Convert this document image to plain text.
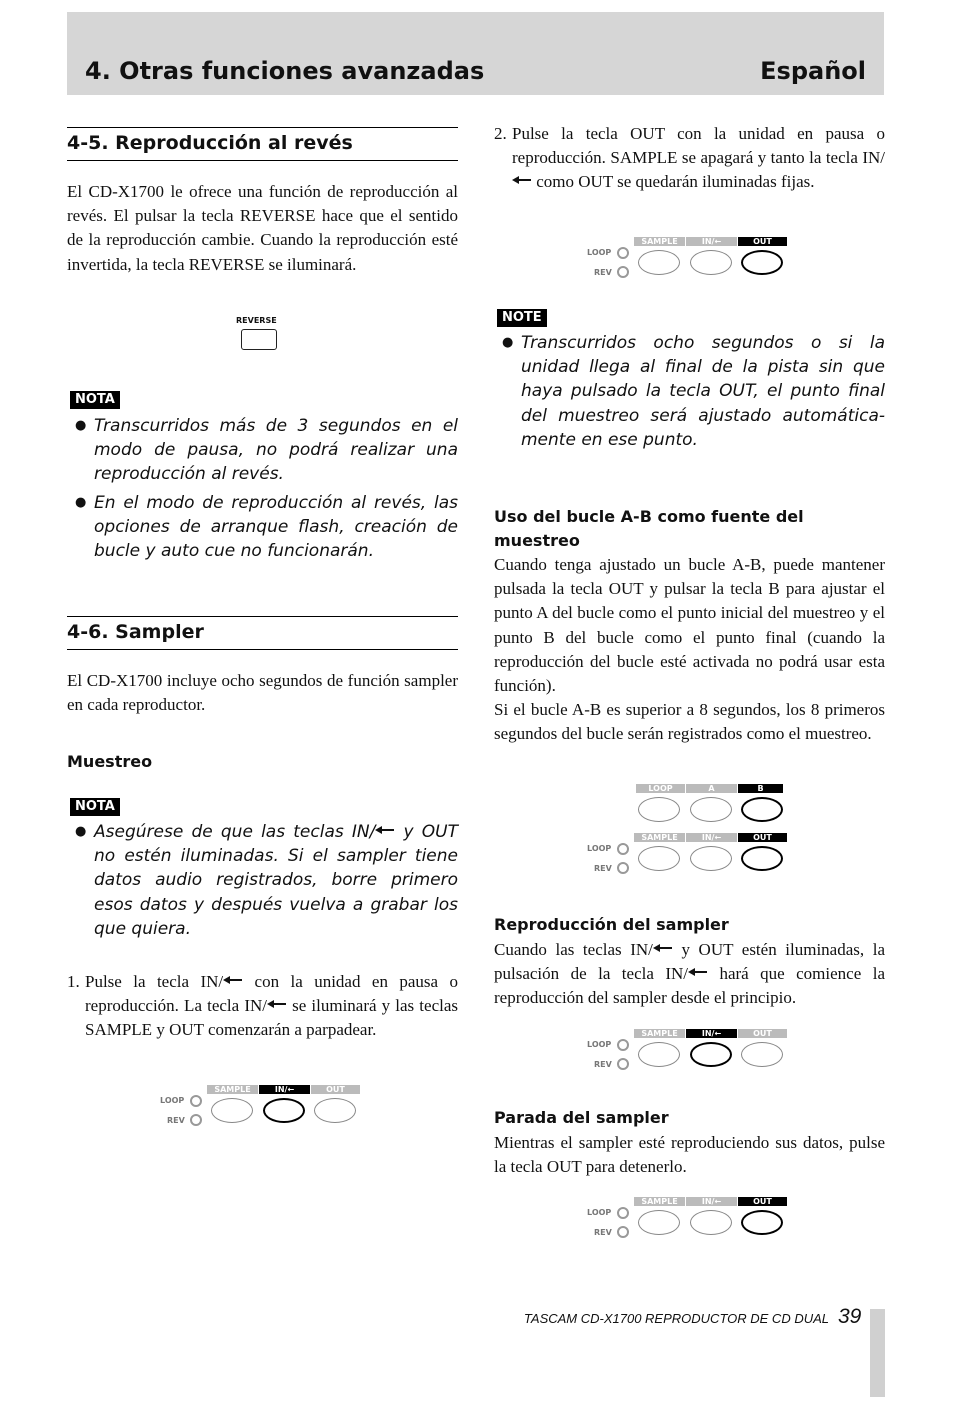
4. Otras funciones avanzadas	Español
4-5. Reproducción al revés
El CD-X1700 le ofrece una función de reproducción al revés. El pulsar la tecla REVERSE hace que el sentido de la reproducción cambie. Cuando la reproducción esté invertida, la tecla REVERSE se iluminará.
REVERSE
NOTA
● Transcurridos más de 3 segundos en el modo de pausa, no podrá realizar una reproducción al revés.
● En el modo de reproducción al revés, las opciones de arranque flash, creación de bucle y auto cue no funcionarán.
4-6. Sampler
El CD-X1700 incluye ocho segundos de función sampler en cada reproductor.
Muestreo
NOTA
● Asegúrese de que las teclas IN/ y OUT no estén iluminadas. Si el sampler tiene datos audio registrados, borre primero esos datos y después vuelva a grabar los que quiera.
1. Pulse la tecla IN/ con la unidad en pausa o reproducción. La tecla IN/ se iluminará y las teclas SAMPLE y OUT comenzarán a parpadear.
LOOP
REV
SAMPLE	IN/←	OUT
2. Pulse la tecla OUT con la unidad en pausa o reproducción. SAMPLE se apagará y tanto la tecla IN/ como OUT se quedarán iluminadas fijas.
LOOP
REV
SAMPLE	IN/←	OUT
NOTE
● Transcurridos ocho segundos o si la unidad llega al final de la pista sin que haya pulsado la tecla OUT, el punto final del muestreo será ajustado automática-mente en ese punto.
Uso del bucle A-B como fuente del muestreo
Cuando tenga ajustado un bucle A-B, puede mantener pulsada la tecla OUT y pulsar la tecla B para ajustar el punto A del bucle como el punto inicial del muestreo y el punto B del bucle como el punto final (cuando la reproducción del bucle esté activada no podrá usar esta función).
Si el bucle A-B es superior a 8 segundos, los 8 primeros segundos del bucle serán registrados como el muestreo.
LOOP	A	B
LOOP
REV
SAMPLE	IN/←	OUT
Reproducción del sampler
Cuando las teclas IN/ y OUT estén iluminadas, la pulsación de la tecla IN/ hará que comience la reproducción del sampler desde el principio.
LOOP
REV
SAMPLE	IN/←	OUT
Parada del sampler
Mientras el sampler esté reproduciendo sus datos, pulse la tecla OUT para detenerlo.
LOOP
REV
SAMPLE	IN/←	OUT
TASCAM CD-X1700 REPRODUCTOR DE CD DUAL 39
